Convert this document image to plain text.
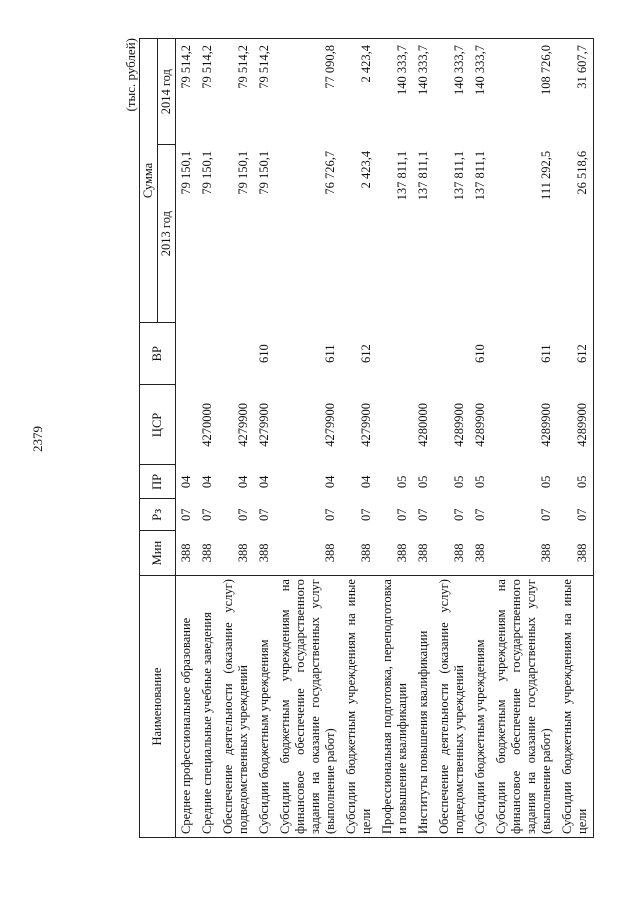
2379
(тыс. рублей)
Наименование	Мин	Рз	ПР	ЦСР	ВР	Сумма	
						2013 год	2014 год
Среднее профессиональное образование	388	07	04			79 150,1	79 514,2
Средние специальные учебные заведения	388	07	04	4270000		79 150,1	79 514,2
Обеспечение деятельности (оказание услуг) подведомственных учреждений	388	07	04	4279900		79 150,1	79 514,2
Субсидии бюджетным учреждениям	388	07	04	4279900	610	79 150,1	79 514,2
Субсидии бюджетным учреждениям на финансовое обеспечение государственного задания на оказание государственных услуг (выполнение работ)	388	07	04	4279900	611	76 726,7	77 090,8
Субсидии бюджетным учреждениям на иные цели	388	07	04	4279900	612	2 423,4	2 423,4
Профессиональная подготовка, переподготовка и повышение квалификации	388	07	05			137 811,1	140 333,7
Институты повышения квалификации	388	07	05	4280000		137 811,1	140 333,7
Обеспечение деятельности (оказание услуг) подведомственных учреждений	388	07	05	4289900		137 811,1	140 333,7
Субсидии бюджетным учреждениям	388	07	05	4289900	610	137 811,1	140 333,7
Субсидии бюджетным учреждениям на финансовое обеспечение государственного задания на оказание государственных услуг (выполнение работ)	388	07	05	4289900	611	111 292,5	108 726,0
Субсидии бюджетным учреждениям на иные цели	388	07	05	4289900	612	26 518,6	31 607,7
